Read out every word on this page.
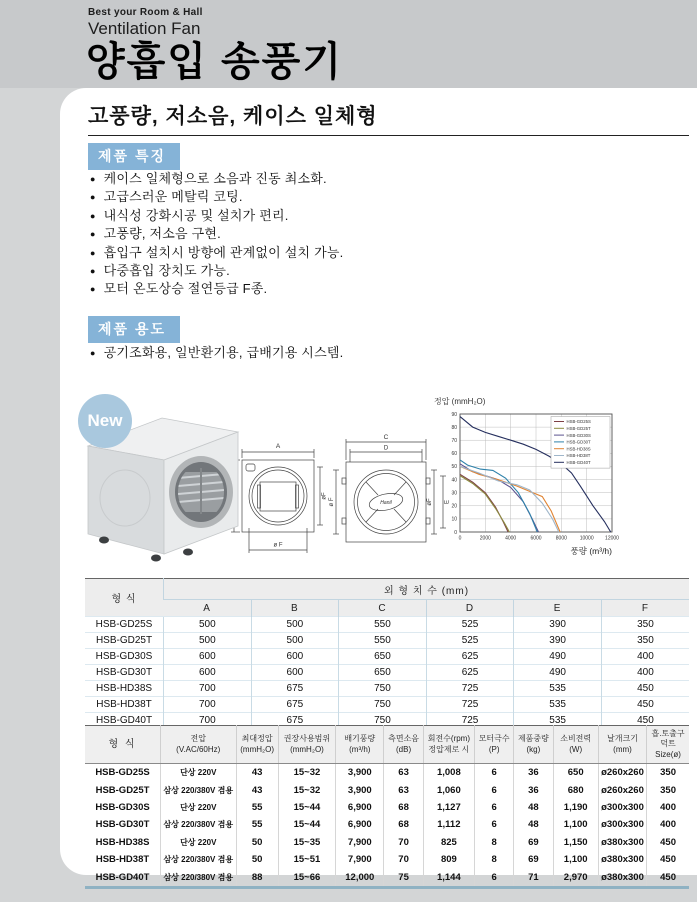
Best your Room & Hall
Ventilation Fan
양흡입 송풍기
고풍량, 저소음, 케이스 일체형
제품 특징
● 케이스 일체형으로 소음과 진동 최소화.
● 고급스러운 메탈릭 코팅.
● 내식성 강화시공 및 설치가 편리.
● 고풍량, 저소음 구현.
● 흡입구 설치시 방향에 관계없이 설치 가능.
● 다중흡입 장치도 가능.
● 모터 온도상승 절연등급 F종.
제품 용도
● 공기조화용, 일반환기용, 급배기용 시스템.
New
A
øF
ø F
C
D
ø F	øF E
Hanil
정압 (mmH₂O)
0	2000	4000	6000	8000	10000 12000
0
10
20
30
40
50
60
70
80
90
HSB-GD25S
HSB-GD25T
HSB-GD30S
HSB-GD30T
HSB-HD38S
HSB-HD38T
HSB-GD40T
풍량 (m³/h)
형 식	외 형 치 수 (mm)					
	A	B	C	D	E	F
HSB-GD25S	500	500	550	525	390	350
HSB-GD25T	500	500	550	525	390	350
HSB-GD30S	600	600	650	625	490	400
HSB-GD30T	600	600	650	625	490	400
HSB-HD38S	700	675	750	725	535	450
HSB-HD38T	700	675	750	725	535	450
HSB-GD40T	700	675	750	725	535	450
형 식

전압
(V.AC/60Hz)

최대정압
(mmH₂O)

권장사용범위
(mmH₂O)

배기풍량
(m³/h)

측면소음
(dB)

회전수(rpm)
정압제로 시

모터극수
(P)

제품중량
(kg)

소비전력
(W)

날개크기
(mm)

흡.토출구
덕트 Size(ø)

HSB-GD25S	단상 220V	43	15~32	3,900	63	1,008	6	36	650	ø260x260	350
HSB-GD25T	삼상 220/380V 겸용	43	15~32	3,900	63	1,060	6	36	680	ø260x260	350
HSB-GD30S	단상 220V	55	15~44	6,900	68	1,127	6	48	1,190	ø300x300	400
HSB-GD30T	삼상 220/380V 겸용	55	15~44	6,900	68	1,112	6	48	1,100	ø300x300	400
HSB-HD38S	단상 220V	50	15~35	7,900	70	825	8	69	1,150	ø380x300	450
HSB-HD38T	삼상 220/380V 겸용	50	15~51	7,900	70	809	8	69	1,100	ø380x300	450
HSB-GD40T	삼상 220/380V 겸용	88	15~66	12,000	75	1,144	6	71	2,970	ø380x300	450
